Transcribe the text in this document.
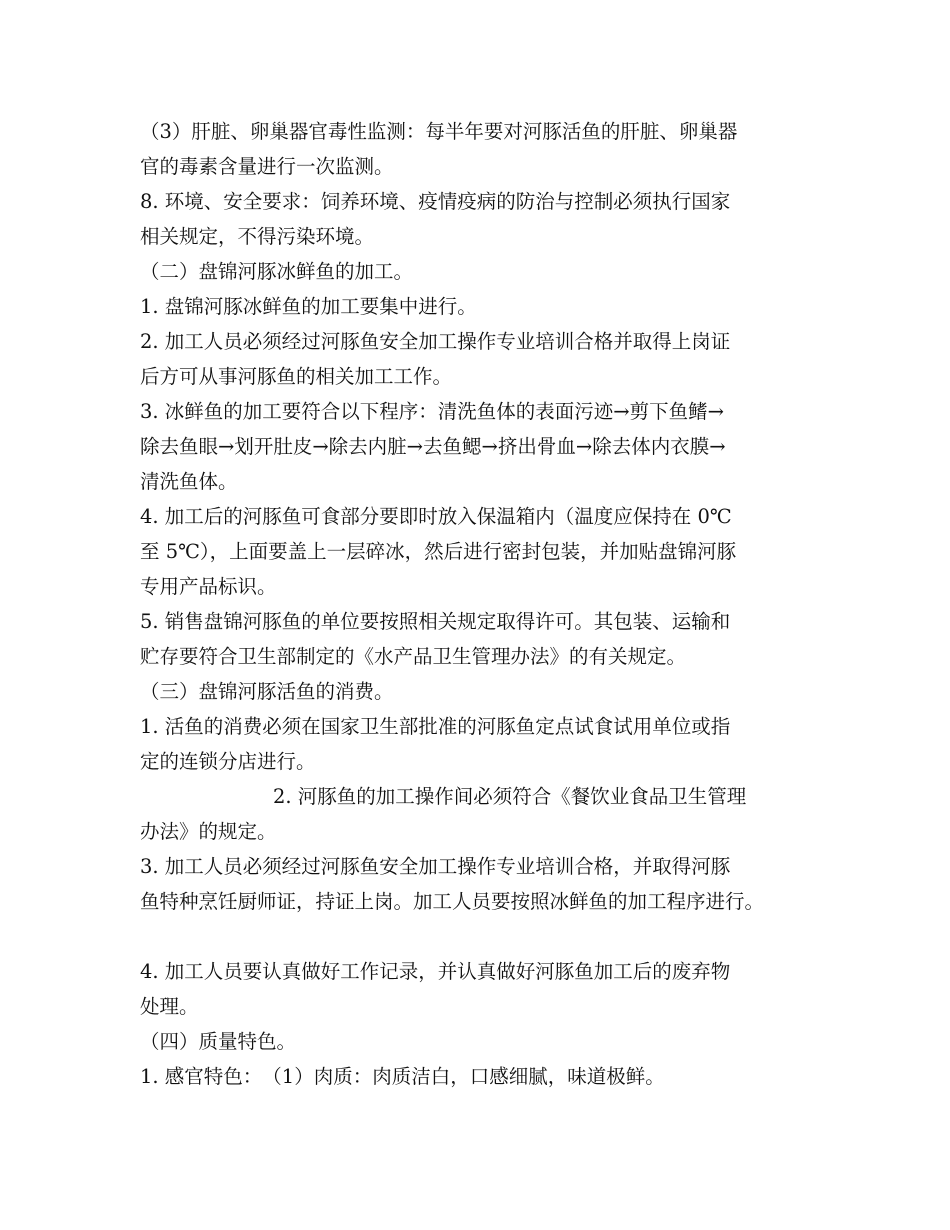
（3）肝脏、卵巢器官毒性监测：每半年要对河豚活鱼的肝脏、卵巢器
官的毒素含量进行一次监测。
8. 环境、安全要求：饲养环境、疫情疫病的防治与控制必须执行国家
相关规定，不得污染环境。
（二）盘锦河豚冰鲜鱼的加工。
1. 盘锦河豚冰鲜鱼的加工要集中进行。
2. 加工人员必须经过河豚鱼安全加工操作专业培训合格并取得上岗证
后方可从事河豚鱼的相关加工工作。
3. 冰鲜鱼的加工要符合以下程序：清洗鱼体的表面污迹→剪下鱼鳍→
除去鱼眼→划开肚皮→除去内脏→去鱼鳃→挤出骨血→除去体内衣膜→
清洗鱼体。
4. 加工后的河豚鱼可食部分要即时放入保温箱内（温度应保持在 0℃
至 5℃），上面要盖上一层碎冰，然后进行密封包装，并加贴盘锦河豚
专用产品标识。
5. 销售盘锦河豚鱼的单位要按照相关规定取得许可。其包装、运输和
贮存要符合卫生部制定的《水产品卫生管理办法》的有关规定。
（三）盘锦河豚活鱼的消费。
1. 活鱼的消费必须在国家卫生部批准的河豚鱼定点试食试用单位或指
定的连锁分店进行。
2. 河豚鱼的加工操作间必须符合《餐饮业食品卫生管理
办法》的规定。
3. 加工人员必须经过河豚鱼安全加工操作专业培训合格，并取得河豚
鱼特种烹饪厨师证，持证上岗。加工人员要按照冰鲜鱼的加工程序进行。
4. 加工人员要认真做好工作记录，并认真做好河豚鱼加工后的废弃物
处理。
（四）质量特色。
1. 感官特色：　（1）肉质：肉质洁白，口感细腻，味道极鲜。
